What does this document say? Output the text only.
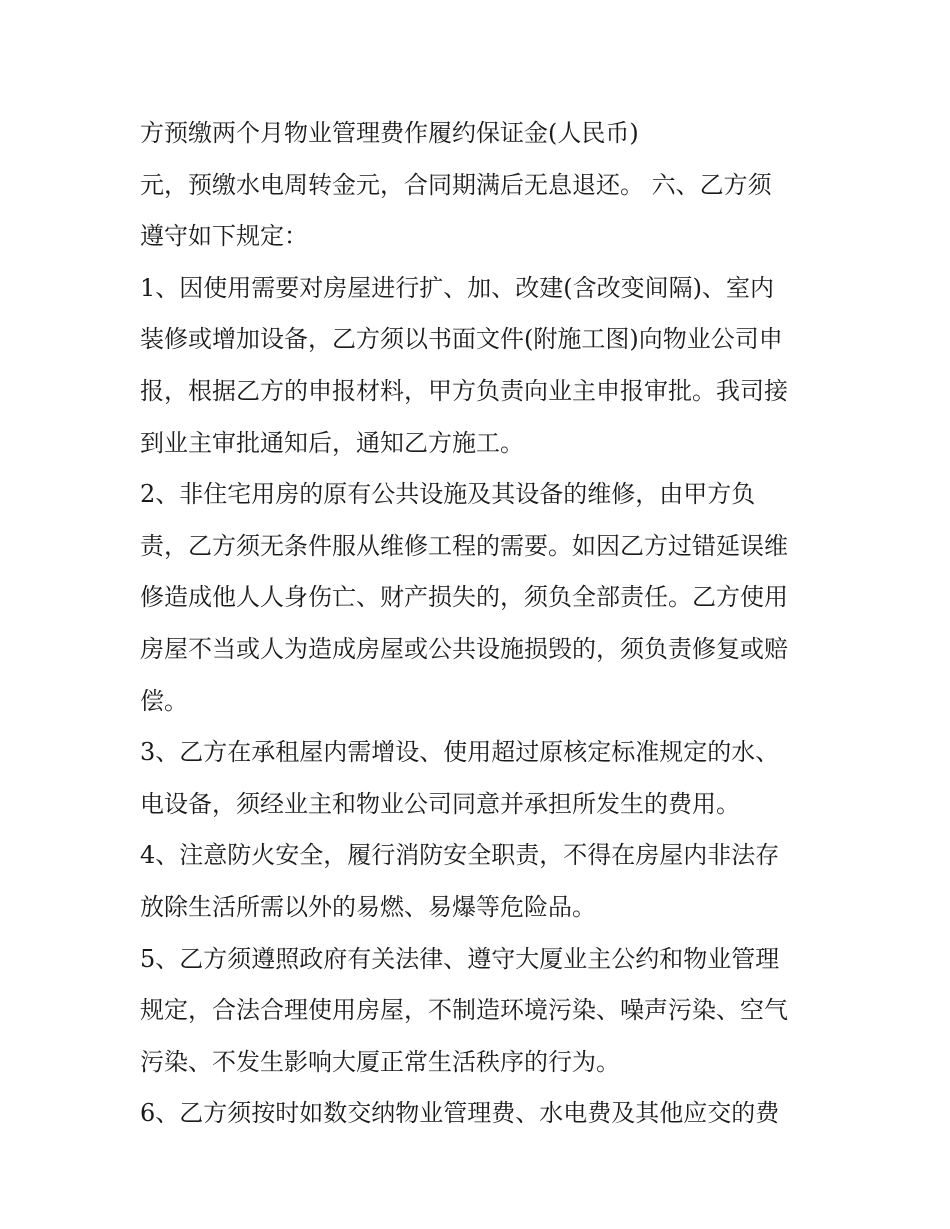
方预缴两个月物业管理费作履约保证金(人民币)
元，预缴水电周转金元，合同期满后无息退还。 六、乙方须
遵守如下规定：
1、因使用需要对房屋进行扩、加、改建(含改变间隔)、室内
装修或增加设备，乙方须以书面文件(附施工图)向物业公司申
报，根据乙方的申报材料，甲方负责向业主申报审批。我司接
到业主审批通知后，通知乙方施工。
2、非住宅用房的原有公共设施及其设备的维修，由甲方负
责，乙方须无条件服从维修工程的需要。如因乙方过错延误维
修造成他人人身伤亡、财产损失的，须负全部责任。乙方使用
房屋不当或人为造成房屋或公共设施损毁的，须负责修复或赔
偿。
3、乙方在承租屋内需增设、使用超过原核定标准规定的水、
电设备，须经业主和物业公司同意并承担所发生的费用。
4、注意防火安全，履行消防安全职责，不得在房屋内非法存
放除生活所需以外的易燃、易爆等危险品。
5、乙方须遵照政府有关法律、遵守大厦业主公约和物业管理
规定，合法合理使用房屋，不制造环境污染、噪声污染、空气
污染、不发生影响大厦正常生活秩序的行为。
6、乙方须按时如数交纳物业管理费、水电费及其他应交的费
